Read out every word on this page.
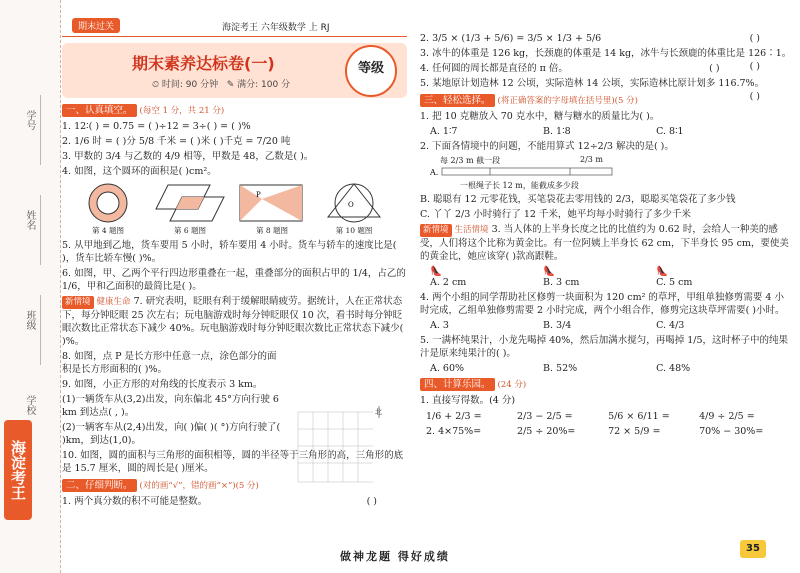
学号
姓名
班级
学校
海淀考王
期末过关	海淀考王 六年级数学 上 RJ
期末素养达标卷(一)
⏲ 时间: 90 分钟 ✎ 满分: 100 分
等级
一、认真填空。 (每空 1 分，共 21 分)
1. 12∶( ) = 0.75 = ( )÷12 = 3÷( ) = ( )%
2. 1/6 时 = ( )分 5/8 千米 = ( )米 ( )千克 = 7/20 吨
3. 甲数的 3/4 与乙数的 4/9 相等，甲数是 48，乙数是( )。
4. 如图，这个圆环的面积是( )cm²。
第 4 题图	第 6 题图
P
第 8 题图
O
第 10 题图
5. 从甲地到乙地，货车要用 5 小时，轿车要用 4 小时。货车与轿车的速度比是( )，货车比轿车慢( )%。
6. 如图，甲、乙两个平行四边形重叠在一起，重叠部分的面积占甲的 1/4，占乙的 1/6，甲和乙面积的最简比是( )。
新情境 健康生命 7. 研究表明，眨眼有利于缓解眼睛疲劳。据统计，人在正常状态下，每分钟眨眼 25 次左右；玩电脑游戏时每分钟眨眼仅 10 次，看书时每分钟眨眼次数比正常状态下减少 40%。玩电脑游戏时每分钟眨眼次数比正常状态下减少( )%。
8. 如图，点 P 是长方形中任意一点，涂色部分的面积是长方形面积的( )%。
9. 如图，小正方形的对角线的长度表示 3 km。
(1)一辆货车从(3,2)出发，向东偏北 45°方向行驶 6 km 到达点( , )。
(2)一辆客车从(2,4)出发，向( )偏( )( °)方向行驶了( )km，到达(1,0)。
10. 如图，圆的面积与三角形的面积相等，圆的半径等于三角形的高，三角形的底是 15.7 厘米，圆的周长是( )厘米。
二、仔细判断。 (对的画“√”，错的画“×”)(5 分)
1. 两个真分数的积不可能是整数。	( )
北
2. 3/5 × (1/3 + 5/6) = 3/5 × 1/3 + 5/6	( )
3. 冰牛的体重是 126 kg，长颈鹿的体重是 14 kg，冰牛与长颈鹿的体重比是 126∶1。
( )
4. 任何圆的周长都是直径的 π 倍。	( )
5. 某地原计划造林 12 公顷，实际造林 14 公顷，实际造林比原计划多 116.7%。
( )
三、轻松选择。 (将正确答案的字母填在括号里)(5 分)
1. 把 10 克糖放入 70 克水中，糖与糖水的质量比为( )。
A. 1∶7	B. 1∶8	C. 8∶1
2. 下面各情境中的问题，不能用算式 12÷2/3 解决的是( )。
每 2/3 m 截一段	2/3 m
A.
一根绳子长 12 m，能截成多少段
B. 聪聪有 12 元零花钱，买笔袋花去零用钱的 2/3，聪聪买笔袋花了多少钱
C. 丫丫 2/3 小时骑行了 12 千米，她平均每小时骑行了多少千米
新情境 生活情境 3. 当人体的上半身长度之比的比值约为 0.62 时，会给人一种美的感受，人们将这个比称为黄金比。有一位阿姨上半身长 62 cm，下半身长 95 cm，要使美的黄金比，她应该穿( )款高跟鞋。
👠 A. 2 cm 👠 B. 3 cm 👠 C. 5 cm
4. 两个小组的同学帮助社区修剪一块面积为 120 cm² 的草坪，甲组单独修剪需要 4 小时完成，乙组单独修剪需要 2 小时完成，两个小组合作，修剪完这块草坪需要( )小时。
A. 3	B. 3/4	C. 4/3
5. 一满杯纯果汁，小龙先喝掉 40%，然后加满水搅匀，再喝掉 1/5，这时杯子中的纯果汁是原来纯果汁的( )。
A. 60%	B. 52%	C. 48%
四、计算乐园。 (24 分)
1. 直接写得数。(4 分)
1/6 + 2/3 =	2/3 − 2/5 =	5/6 × 6/11 =	4/9 ÷ 2/5 =
2. 4×75%=	2/5 ÷ 20%=	72 × 5/9 =	70% − 30%=
做神龙题 得好成绩
35
